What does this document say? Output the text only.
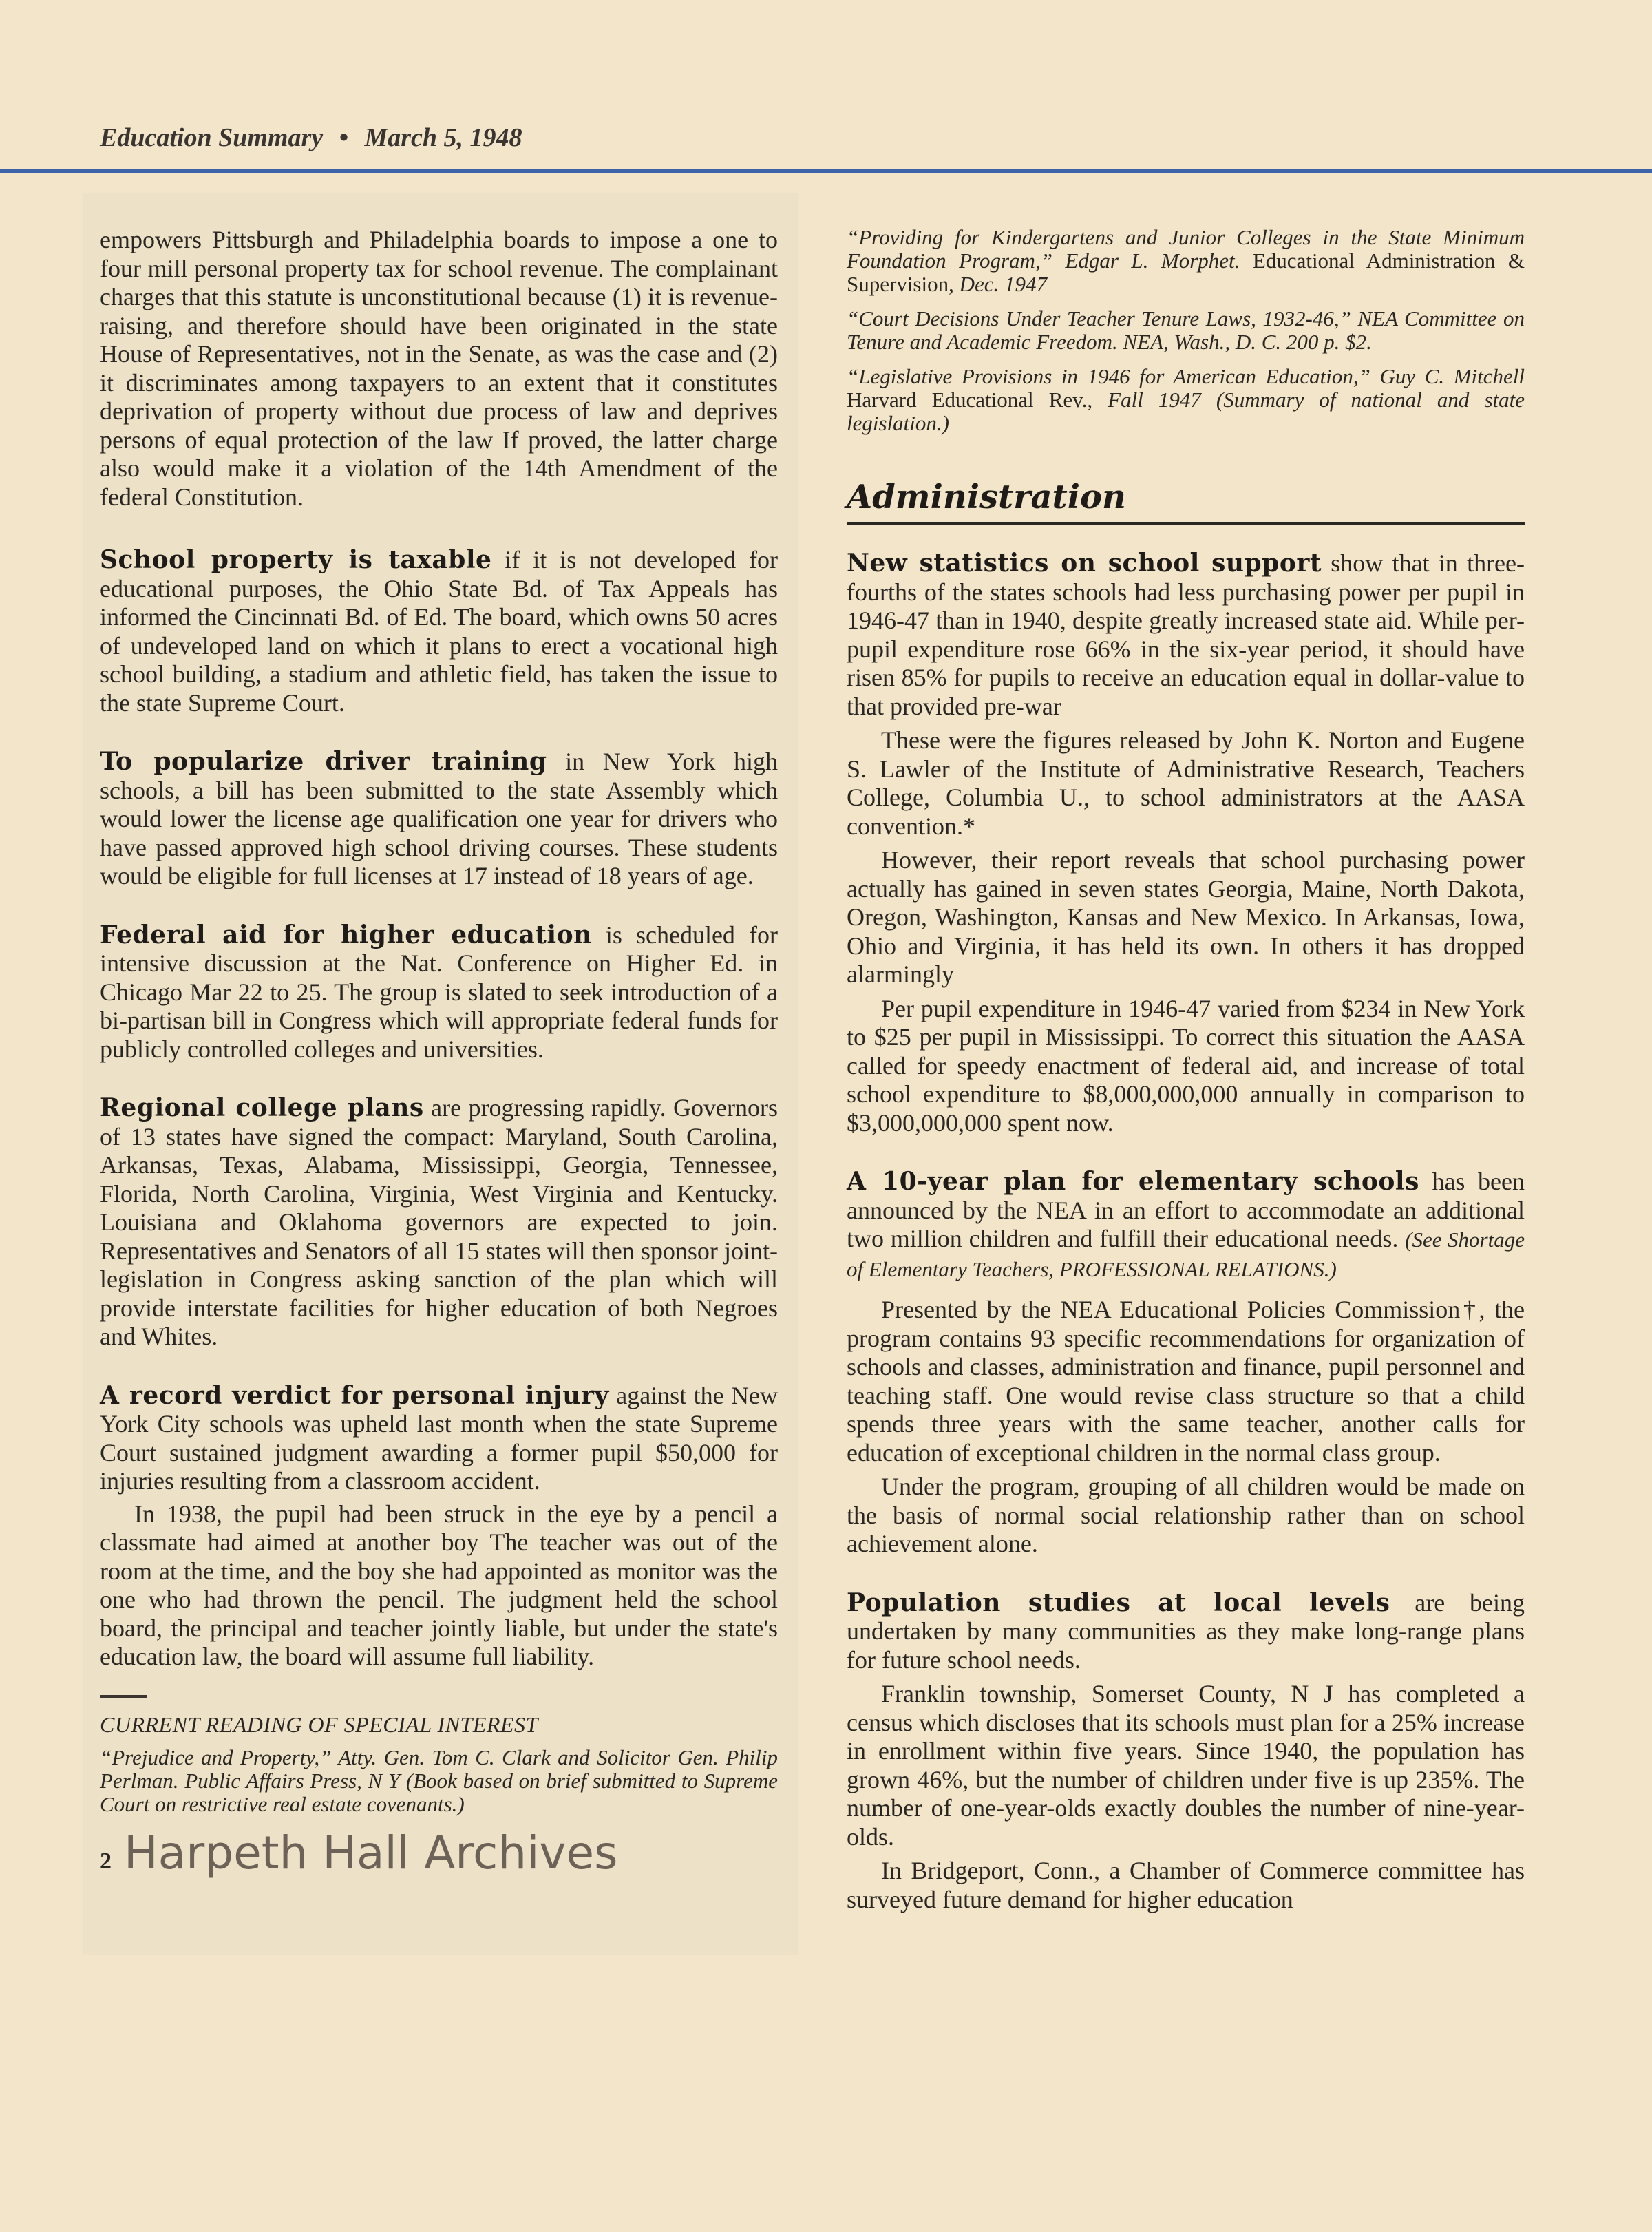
Education Summary • March 5, 1948

empowers Pittsburgh and Philadelphia boards to impose a one to four mill personal property tax for school revenue. The complainant charges that this statute is unconstitutional because (1) it is revenue-raising, and therefore should have been originated in the state House of Representatives, not in the Senate, as was the case and (2) it discriminates among taxpayers to an extent that it constitutes deprivation of property without due process of law and deprives persons of equal protection of the law If proved, the latter charge also would make it a violation of the 14th Amendment of the federal Constitution.

School property is taxable if it is not developed for educational purposes, the Ohio State Bd. of Tax Appeals has informed the Cincinnati Bd. of Ed. The board, which owns 50 acres of undeveloped land on which it plans to erect a vocational high school building, a stadium and athletic field, has taken the issue to the state Supreme Court.

To popularize driver training in New York high schools, a bill has been submitted to the state Assembly which would lower the license age qualification one year for drivers who have passed approved high school driving courses. These students would be eligible for full licenses at 17 instead of 18 years of age.

Federal aid for higher education is scheduled for intensive discussion at the Nat. Conference on Higher Ed. in Chicago Mar 22 to 25. The group is slated to seek introduction of a bi-partisan bill in Congress which will appropriate federal funds for publicly controlled colleges and universities.

Regional college plans are progressing rapidly. Governors of 13 states have signed the compact: Maryland, South Carolina, Arkansas, Texas, Alabama, Mississippi, Georgia, Tennessee, Florida, North Carolina, Virginia, West Virginia and Kentucky. Louisiana and Oklahoma governors are expected to join. Representatives and Senators of all 15 states will then sponsor joint-legislation in Congress asking sanction of the plan which will provide interstate facilities for higher education of both Negroes and Whites.

A record verdict for personal injury against the New York City schools was upheld last month when the state Supreme Court sustained judgment awarding a former pupil $50,000 for injuries resulting from a classroom accident.

In 1938, the pupil had been struck in the eye by a pencil a classmate had aimed at another boy The teacher was out of the room at the time, and the boy she had appointed as monitor was the one who had thrown the pencil. The judgment held the school board, the principal and teacher jointly liable, but under the state's education law, the board will assume full liability.

CURRENT READING OF SPECIAL INTEREST

“Prejudice and Property,” Atty. Gen. Tom C. Clark and Solicitor Gen. Philip Perlman. Public Affairs Press, N Y (Book based on brief submitted to Supreme Court on restrictive real estate covenants.)

2 Harpeth Hall Archives

“Providing for Kindergartens and Junior Colleges in the State Minimum Foundation Program,” Edgar L. Morphet. Educational Administration & Supervision, Dec. 1947

“Court Decisions Under Teacher Tenure Laws, 1932-46,” NEA Committee on Tenure and Academic Freedom. NEA, Wash., D. C. 200 p. $2.

“Legislative Provisions in 1946 for American Education,” Guy C. Mitchell Harvard Educational Rev., Fall 1947 (Summary of national and state legislation.)

Administration

New statistics on school support show that in three-fourths of the states schools had less purchasing power per pupil in 1946-47 than in 1940, despite greatly increased state aid. While per-pupil expenditure rose 66% in the six-year period, it should have risen 85% for pupils to receive an education equal in dollar-value to that provided pre-war

These were the figures released by John K. Norton and Eugene S. Lawler of the Institute of Administrative Research, Teachers College, Columbia U., to school administrators at the AASA convention.*

However, their report reveals that school purchasing power actually has gained in seven states Georgia, Maine, North Dakota, Oregon, Washington, Kansas and New Mexico. In Arkansas, Iowa, Ohio and Virginia, it has held its own. In others it has dropped alarmingly

Per pupil expenditure in 1946-47 varied from $234 in New York to $25 per pupil in Mississippi. To correct this situation the AASA called for speedy enactment of federal aid, and increase of total school expenditure to $8,000,000,000 annually in comparison to $3,000,000,000 spent now.

A 10-year plan for elementary schools has been announced by the NEA in an effort to accommodate an additional two million children and fulfill their educational needs. (See Shortage of Elementary Teachers, PROFESSIONAL RELATIONS.)

Presented by the NEA Educational Policies Commission†, the program contains 93 specific recommendations for organization of schools and classes, administration and finance, pupil personnel and teaching staff. One would revise class structure so that a child spends three years with the same teacher, another calls for education of exceptional children in the normal class group.

Under the program, grouping of all children would be made on the basis of normal social relationship rather than on school achievement alone.

Population studies at local levels are being undertaken by many communities as they make long-range plans for future school needs.

Franklin township, Somerset County, N J has completed a census which discloses that its schools must plan for a 25% increase in enrollment within five years. Since 1940, the population has grown 46%, but the number of children under five is up 235%. The number of one-year-olds exactly doubles the number of nine-year-olds.

In Bridgeport, Conn., a Chamber of Commerce committee has surveyed future demand for higher education
